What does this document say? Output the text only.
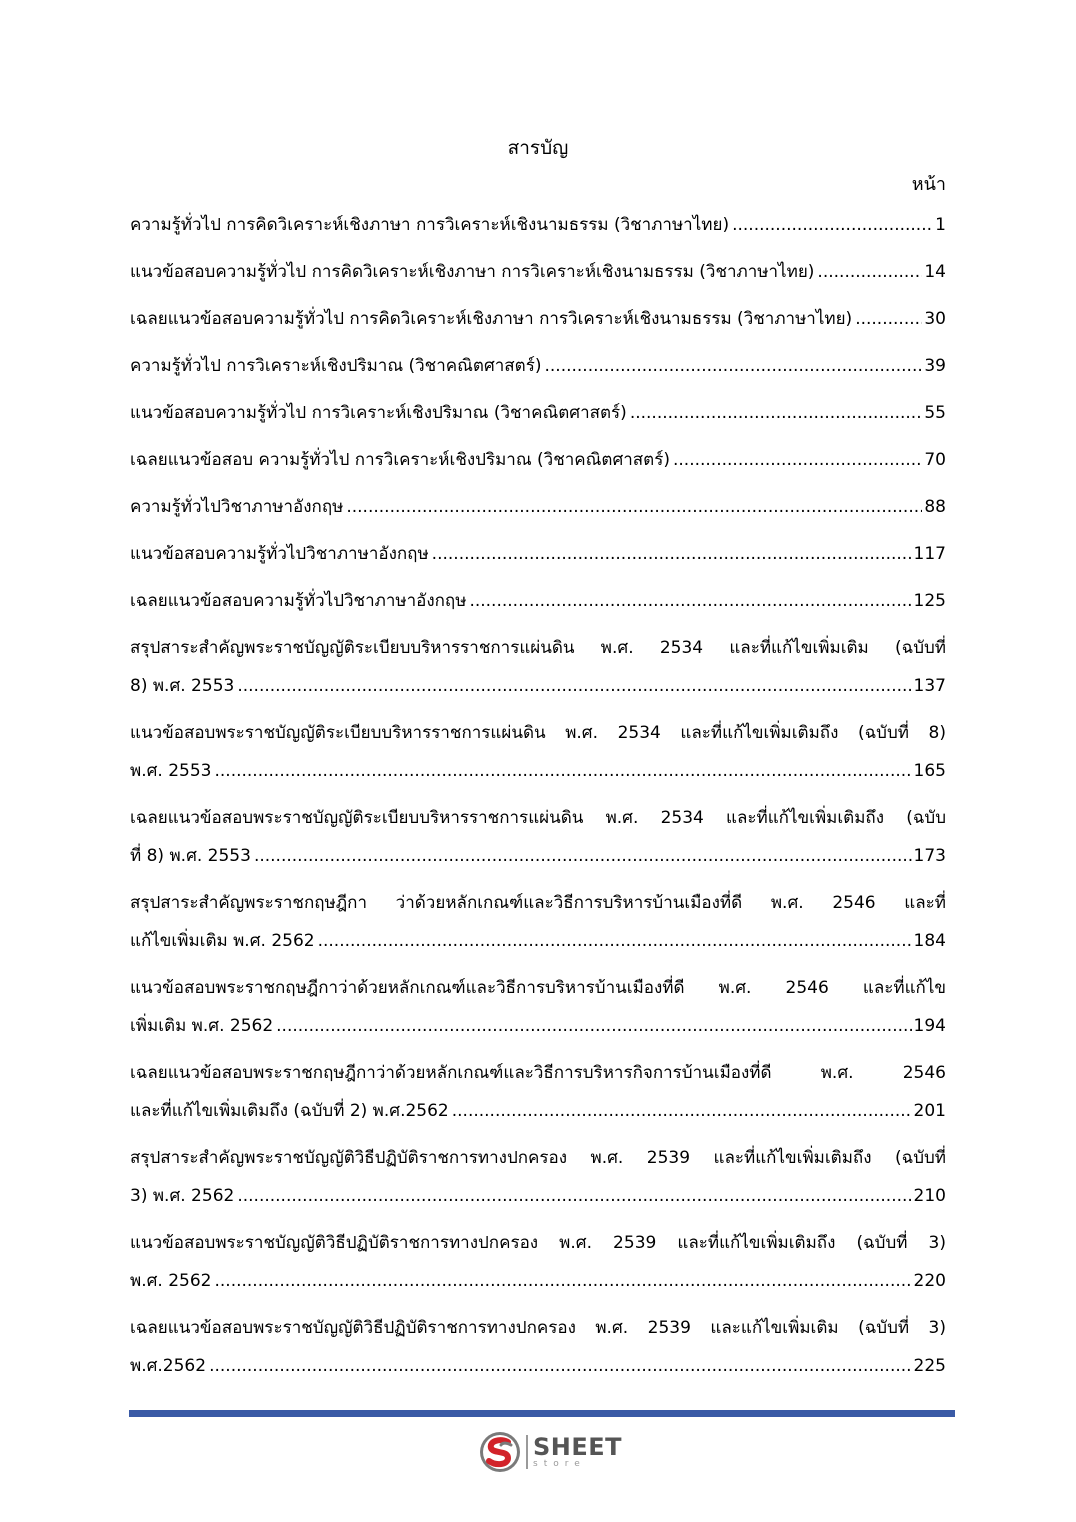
สารบัญ
หน้า
ความรู้ทั่วไป การคิดวิเคราะห์เชิงภาษา การวิเคราะห์เชิงนามธรรม (วิชาภาษาไทย) .....	1
แนวข้อสอบความรู้ทั่วไป การคิดวิเคราะห์เชิงภาษา การวิเคราะห์เชิงนามธรรม (วิชาภาษาไทย) .....	14
เฉลยแนวข้อสอบความรู้ทั่วไป การคิดวิเคราะห์เชิงภาษา การวิเคราะห์เชิงนามธรรม (วิชาภาษาไทย) .....	30
ความรู้ทั่วไป การวิเคราะห์เชิงปริมาณ (วิชาคณิตศาสตร์) .....	39
แนวข้อสอบความรู้ทั่วไป การวิเคราะห์เชิงปริมาณ (วิชาคณิตศาสตร์) .....	55
เฉลยแนวข้อสอบ ความรู้ทั่วไป การวิเคราะห์เชิงปริมาณ (วิชาคณิตศาสตร์) .....	70
ความรู้ทั่วไปวิชาภาษาอังกฤษ .....	88
แนวข้อสอบความรู้ทั่วไปวิชาภาษาอังกฤษ .....	117
เฉลยแนวข้อสอบความรู้ทั่วไปวิชาภาษาอังกฤษ .....	125
สรุปสาระสำคัญพระราชบัญญัติระเบียบบริหารราชการแผ่นดิน พ.ศ. 2534 และที่แก้ไขเพิ่มเติม (ฉบับที่
8) พ.ศ. 2553 .....	137
แนวข้อสอบพระราชบัญญัติระเบียบบริหารราชการแผ่นดิน พ.ศ. 2534 และที่แก้ไขเพิ่มเติมถึง (ฉบับที่ 8)
พ.ศ. 2553 .....	165
เฉลยแนวข้อสอบพระราชบัญญัติระเบียบบริหารราชการแผ่นดิน พ.ศ. 2534 และที่แก้ไขเพิ่มเติมถึง (ฉบับ
ที่ 8) พ.ศ. 2553 .....	173
สรุปสาระสำคัญพระราชกฤษฎีกา ว่าด้วยหลักเกณฑ์และวิธีการบริหารบ้านเมืองที่ดี พ.ศ. 2546 และที่
แก้ไขเพิ่มเติม พ.ศ. 2562 .....	184
แนวข้อสอบพระราชกฤษฎีกาว่าด้วยหลักเกณฑ์และวิธีการบริหารบ้านเมืองที่ดี พ.ศ. 2546 และที่แก้ไข
เพิ่มเติม พ.ศ. 2562 .....	194
เฉลยแนวข้อสอบพระราชกฤษฎีกาว่าด้วยหลักเกณฑ์และวิธีการบริหารกิจการบ้านเมืองที่ดี พ.ศ. 2546
และที่แก้ไขเพิ่มเติมถึง (ฉบับที่ 2) พ.ศ.2562 .....	201
สรุปสาระสำคัญพระราชบัญญัติวิธีปฏิบัติราชการทางปกครอง พ.ศ. 2539 และที่แก้ไขเพิ่มเติมถึง (ฉบับที่
3) พ.ศ. 2562 .....	210
แนวข้อสอบพระราชบัญญัติวิธีปฏิบัติราชการทางปกครอง พ.ศ. 2539 และที่แก้ไขเพิ่มเติมถึง (ฉบับที่ 3)
พ.ศ. 2562 .....	220
เฉลยแนวข้อสอบพระราชบัญญัติวิธีปฏิบัติราชการทางปกครอง พ.ศ. 2539 และแก้ไขเพิ่มเติม (ฉบับที่ 3)
พ.ศ.2562 .....	225
SHEET
store
